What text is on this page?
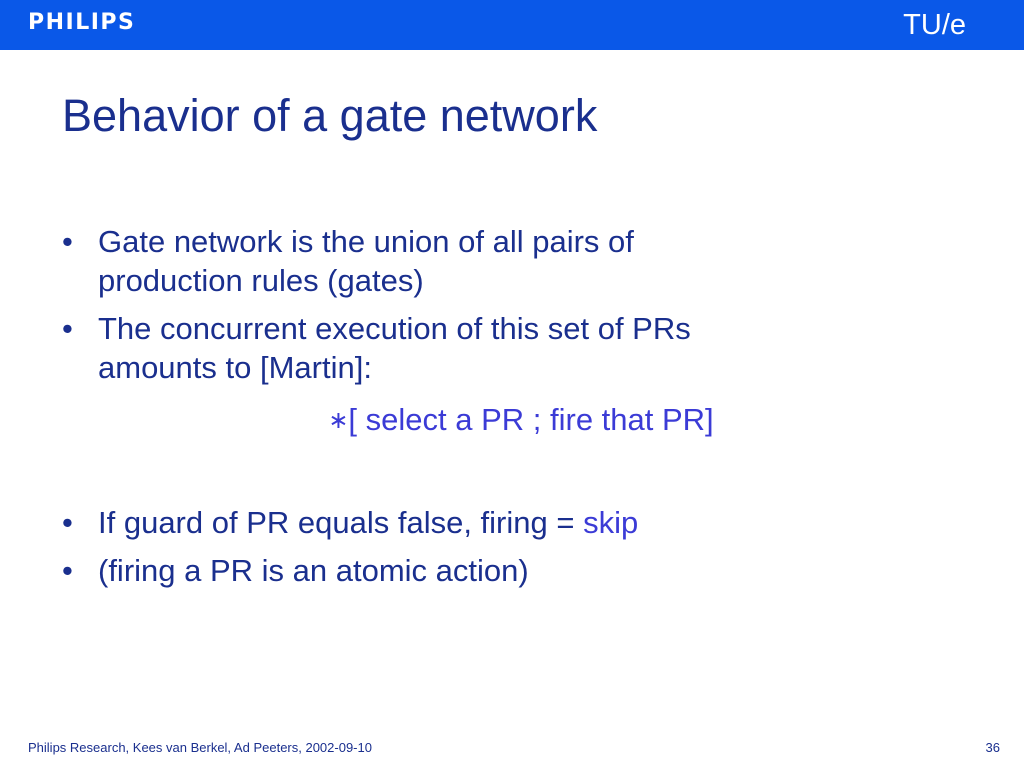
PHILIPS	TU/e
Behavior of a gate network
• Gate network is the union of all pairs of
production rules (gates)
• The concurrent execution of this set of PRs
amounts to [Martin]:
∗[ select a PR ; fire that PR]
• If guard of PR equals false, firing = skip
• (firing a PR is an atomic action)
Philips Research, Kees van Berkel, Ad Peeters, 2002-09-10	36
